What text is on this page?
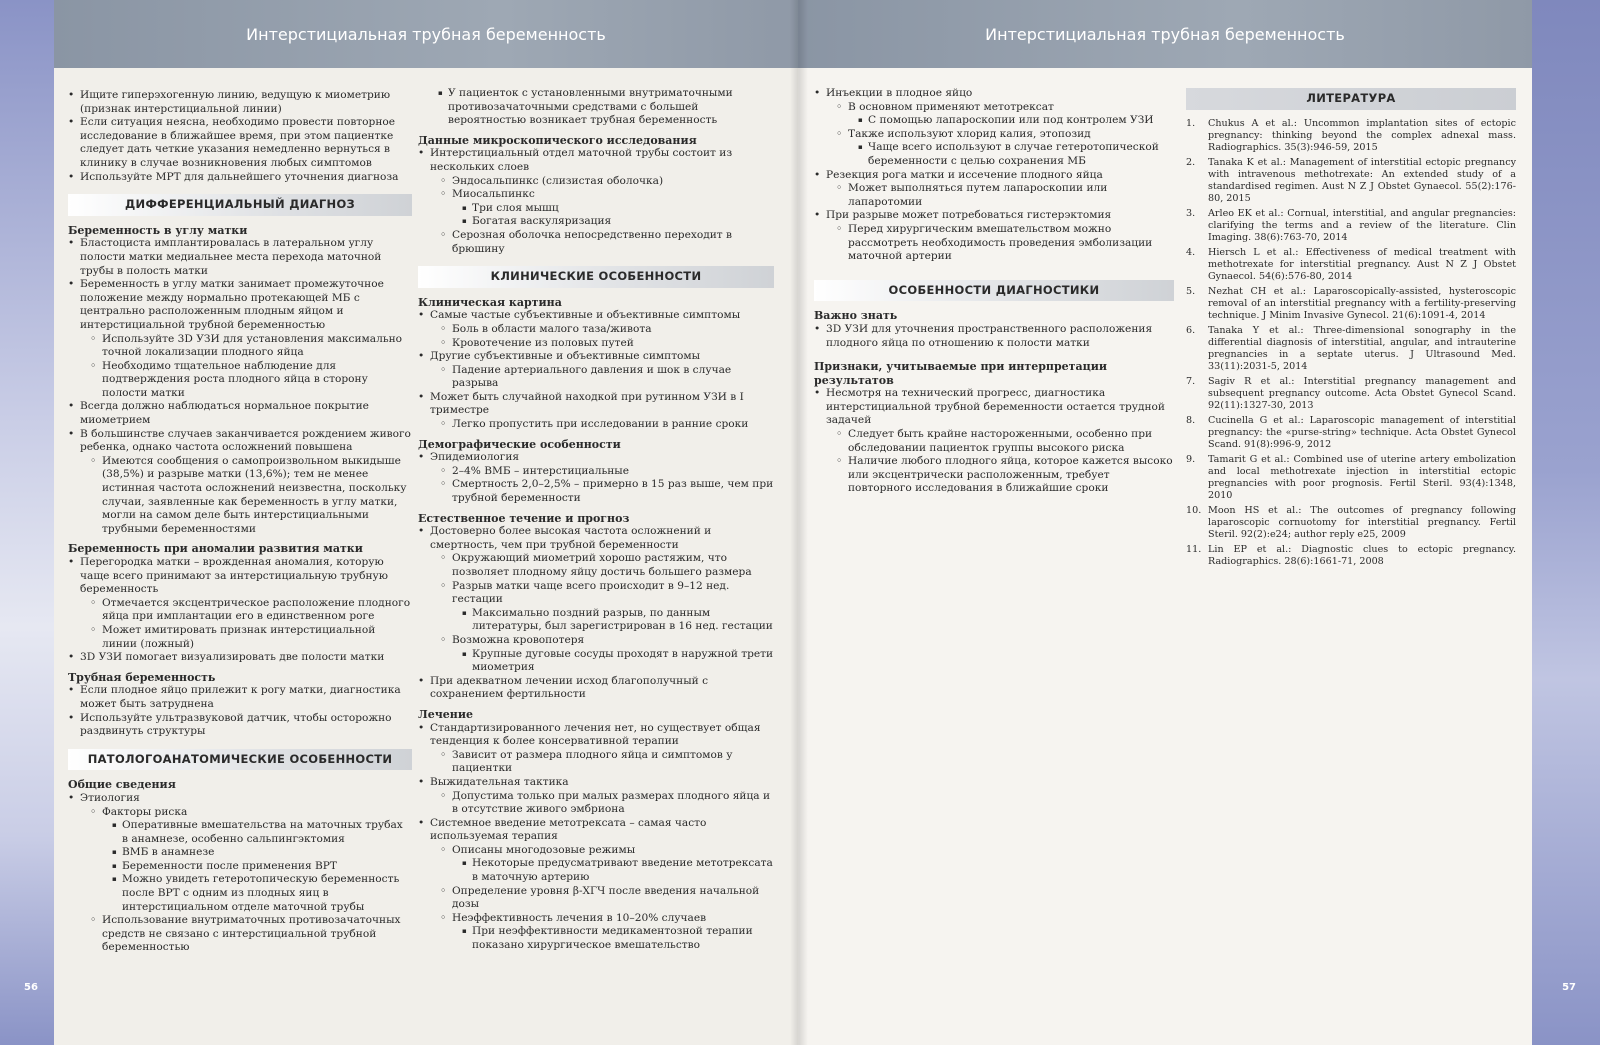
Интерстициальная трубная беременность
• Ищите гиперэхогенную линию, ведущую к миометрию (признак интерстициальной линии)
• Если ситуация неясна, необходимо провести повторное исследование в ближайшее время, при этом пациентке следует дать четкие указания немедленно вернуться в клинику в случае возникновения любых симптомов
• Используйте МРТ для дальнейшего уточнения диагноза
ДИФФЕРЕНЦИАЛЬНЫЙ ДИАГНОЗ
Беременность в углу матки
• Бластоциста имплантировалась в латеральном углу полости матки медиальнее места перехода маточной трубы в полость матки
• Беременность в углу матки занимает промежуточное положение между нормально протекающей МБ с центрально расположенным плодным яйцом и интерстициальной трубной беременностью
◦ Используйте 3D УЗИ для установления максимально точной локализации плодного яйца
◦ Необходимо тщательное наблюдение для подтверждения роста плодного яйца в сторону полости матки
• Всегда должно наблюдаться нормальное покрытие миометрием
• В большинстве случаев заканчивается рождением живого ребенка, однако частота осложнений повышена
◦ Имеются сообщения о самопроизвольном выкидыше (38,5%) и разрыве матки (13,6%); тем не менее истинная частота осложнений неизвестна, поскольку случаи, заявленные как беременность в углу матки, могли на самом деле быть интерстициальными трубными беременностями
Беременность при аномалии развития матки
• Перегородка матки – врожденная аномалия, которую чаще всего принимают за интерстициальную трубную беременность
◦ Отмечается эксцентрическое расположение плодного яйца при имплантации его в единственном роге
◦ Может имитировать признак интерстициальной линии (ложный)
• 3D УЗИ помогает визуализировать две полости матки
Трубная беременность
• Если плодное яйцо прилежит к рогу матки, диагностика может быть затруднена
• Используйте ультразвуковой датчик, чтобы осторожно раздвинуть структуры
ПАТОЛОГОАНАТОМИЧЕСКИЕ ОСОБЕННОСТИ
Общие сведения
• Этиология
◦ Факторы риска
▪ Оперативные вмешательства на маточных трубах в анамнезе, особенно сальпингэктомия
▪ ВМБ в анамнезе
▪ Беременности после применения ВРТ
▪ Можно увидеть гетеротопическую беременность после ВРТ с одним из плодных яиц в интерстициальном отделе маточной трубы
◦ Использование внутриматочных противозачаточных средств не связано с интерстициальной трубной беременностью
▪ У пациенток с установленными внутриматочными противозачаточными средствами с большей вероятностью возникает трубная беременность
Данные микроскопического исследования
• Интерстициальный отдел маточной трубы состоит из нескольких слоев
◦ Эндосальпинкс (слизистая оболочка)
◦ Миосальпинкс
▪ Три слоя мышц
▪ Богатая васкуляризация
◦ Серозная оболочка непосредственно переходит в брюшину
КЛИНИЧЕСКИЕ ОСОБЕННОСТИ
Клиническая картина
• Самые частые субъективные и объективные симптомы
◦ Боль в области малого таза/живота
◦ Кровотечение из половых путей
• Другие субъективные и объективные симптомы
◦ Падение артериального давления и шок в случае разрыва
• Может быть случайной находкой при рутинном УЗИ в I триместре
◦ Легко пропустить при исследовании в ранние сроки
Демографические особенности
• Эпидемиология
◦ 2–4% ВМБ – интерстициальные
◦ Смертность 2,0–2,5% – примерно в 15 раз выше, чем при трубной беременности
Естественное течение и прогноз
• Достоверно более высокая частота осложнений и смертность, чем при трубной беременности
◦ Окружающий миометрий хорошо растяжим, что позволяет плодному яйцу достичь большего размера
◦ Разрыв матки чаще всего происходит в 9–12 нед. гестации
▪ Максимально поздний разрыв, по данным литературы, был зарегистрирован в 16 нед. гестации
◦ Возможна кровопотеря
▪ Крупные дуговые сосуды проходят в наружной трети миометрия
• При адекватном лечении исход благополучный с сохранением фертильности
Лечение
• Стандартизированного лечения нет, но существует общая тенденция к более консервативной терапии
◦ Зависит от размера плодного яйца и симптомов у пациентки
• Выжидательная тактика
◦ Допустима только при малых размерах плодного яйца и в отсутствие живого эмбриона
• Системное введение метотрексата – самая часто используемая терапия
◦ Описаны многодозовые режимы
▪ Некоторые предусматривают введение метотрексата в маточную артерию
◦ Определение уровня β-ХГЧ после введения начальной дозы
◦ Неэффективность лечения в 10–20% случаев
▪ При неэффективности медикаментозной терапии показано хирургическое вмешательство
56
Интерстициальная трубная беременность
• Инъекции в плодное яйцо
◦ В основном применяют метотрексат
▪ С помощью лапароскопии или под контролем УЗИ
◦ Также используют хлорид калия, этопозид
▪ Чаще всего используют в случае гетеротопической беременности с целью сохранения МБ
• Резекция рога матки и иссечение плодного яйца
◦ Может выполняться путем лапароскопии или лапаротомии
• При разрыве может потребоваться гистерэктомия
◦ Перед хирургическим вмешательством можно рассмотреть необходимость проведения эмболизации маточной артерии
ОСОБЕННОСТИ ДИАГНОСТИКИ
Важно знать
• 3D УЗИ для уточнения пространственного расположения плодного яйца по отношению к полости матки
Признаки, учитываемые при интерпретации результатов
• Несмотря на технический прогресс, диагностика интерстициальной трубной беременности остается трудной задачей
◦ Следует быть крайне настороженными, особенно при обследовании пациенток группы высокого риска
◦ Наличие любого плодного яйца, которое кажется высоко или эксцентрически расположенным, требует повторного исследования в ближайшие сроки
ЛИТЕРАТУРА
1. Chukus A et al.: Uncommon implantation sites of ectopic pregnancy: thinking beyond the complex adnexal mass. Radiographics. 35(3):946-59, 2015
2. Tanaka K et al.: Management of interstitial ectopic pregnancy with intravenous methotrexate: An extended study of a standardised regimen. Aust N Z J Obstet Gynaecol. 55(2):176-80, 2015
3. Arleo EK et al.: Cornual, interstitial, and angular pregnancies: clarifying the terms and a review of the literature. Clin Imaging. 38(6):763-70, 2014
4. Hiersch L et al.: Effectiveness of medical treatment with methotrexate for interstitial pregnancy. Aust N Z J Obstet Gynaecol. 54(6):576-80, 2014
5. Nezhat CH et al.: Laparoscopically-assisted, hysteroscopic removal of an interstitial pregnancy with a fertility-preserving technique. J Minim Invasive Gynecol. 21(6):1091-4, 2014
6. Tanaka Y et al.: Three-dimensional sonography in the differential diagnosis of interstitial, angular, and intrauterine pregnancies in a septate uterus. J Ultrasound Med. 33(11):2031-5, 2014
7. Sagiv R et al.: Interstitial pregnancy management and subsequent pregnancy outcome. Acta Obstet Gynecol Scand. 92(11):1327-30, 2013
8. Cucinella G et al.: Laparoscopic management of interstitial pregnancy: the «purse-string» technique. Acta Obstet Gynecol Scand. 91(8):996-9, 2012
9. Tamarit G et al.: Combined use of uterine artery embolization and local methotrexate injection in interstitial ectopic pregnancies with poor prognosis. Fertil Steril. 93(4):1348, 2010
10. Moon HS et al.: The outcomes of pregnancy following laparoscopic cornuotomy for interstitial pregnancy. Fertil Steril. 92(2):e24; author reply e25, 2009
11. Lin EP et al.: Diagnostic clues to ectopic pregnancy. Radiographics. 28(6):1661-71, 2008
57
